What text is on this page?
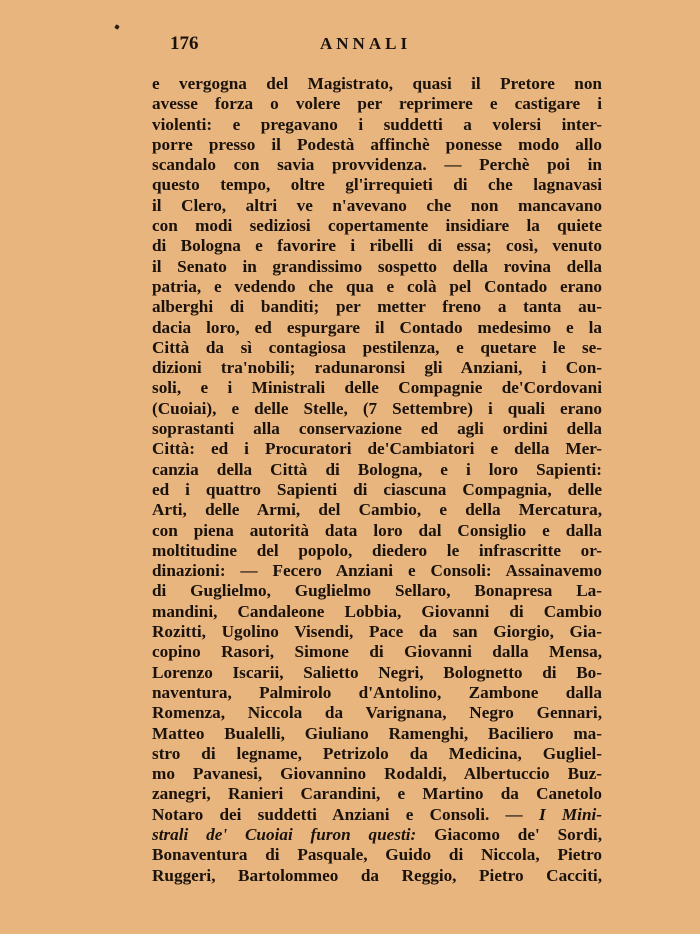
176	ANNALI
e vergogna del Magistrato, quasi il Pretore non
avesse forza o volere per reprimere e castigare i
violenti: e pregavano i suddetti a volersi inter-
porre presso il Podestà affinchè ponesse modo allo
scandalo con savia provvidenza. — Perchè poi in
questo tempo, oltre gl'irrequieti di che lagnavasi
il Clero, altri ve n'avevano che non mancavano
con modi sediziosi copertamente insidiare la quiete
di Bologna e favorire i ribelli di essa; così, venuto
il Senato in grandissimo sospetto della rovina della
patria, e vedendo che qua e colà pel Contado erano
alberghi di banditi; per metter freno a tanta au-
dacia loro, ed espurgare il Contado medesimo e la
Città da sì contagiosa pestilenza, e quetare le se-
dizioni tra'nobili; radunaronsi gli Anziani, i Con-
soli, e i Ministrali delle Compagnie de'Cordovani
(Cuoiai), e delle Stelle, (7 Settembre) i quali erano
soprastanti alla conservazione ed agli ordini della
Città: ed i Procuratori de'Cambiatori e della Mer-
canzia della Città di Bologna, e i loro Sapienti:
ed i quattro Sapienti di ciascuna Compagnia, delle
Arti, delle Armi, del Cambio, e della Mercatura,
con piena autorità data loro dal Consiglio e dalla
moltitudine del popolo, diedero le infrascritte or-
dinazioni: — Fecero Anziani e Consoli: Assainavemo
di Guglielmo, Guglielmo Sellaro, Bonapresa La-
mandini, Candaleone Lobbia, Giovanni di Cambio
Rozitti, Ugolino Visendi, Pace da san Giorgio, Gia-
copino Rasori, Simone di Giovanni dalla Mensa,
Lorenzo Iscarii, Salietto Negri, Bolognetto di Bo-
naventura, Palmirolo d'Antolino, Zambone dalla
Romenza, Niccola da Varignana, Negro Gennari,
Matteo Bualelli, Giuliano Ramenghi, Baciliero ma-
stro di legname, Petrizolo da Medicina, Gugliel-
mo Pavanesi, Giovannino Rodaldi, Albertuccio Buz-
zanegri, Ranieri Carandini, e Martino da Canetolo
Notaro dei suddetti Anziani e Consoli. — I Mini-
strali de' Cuoiai furon questi: Giacomo de' Sordi,
Bonaventura di Pasquale, Guido di Niccola, Pietro
Ruggeri, Bartolommeo da Reggio, Pietro Cacciti,
